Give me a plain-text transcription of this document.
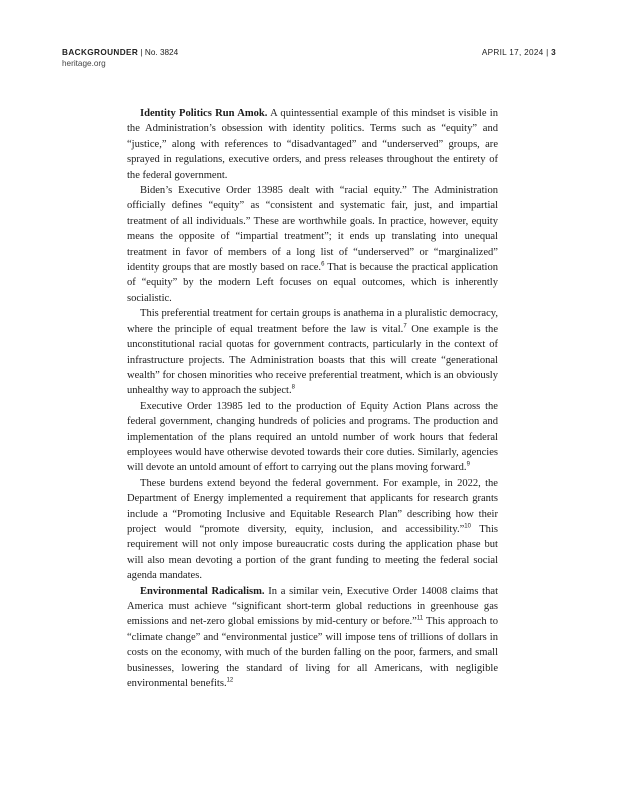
BACKGROUNDER | No. 3824
heritage.org
APRIL 17, 2024 | 3

Identity Politics Run Amok. A quintessential example of this mindset is visible in the Administration’s obsession with identity politics. Terms such as “equity” and “justice,” along with references to “disadvantaged” and “underserved” groups, are sprayed in regulations, executive orders, and press releases throughout the entirety of the federal government.

Biden’s Executive Order 13985 dealt with “racial equity.” The Administration officially defines “equity” as “consistent and systematic fair, just, and impartial treatment of all individuals.” These are worthwhile goals. In practice, however, equity means the opposite of “impartial treatment”; it ends up translating into unequal treatment in favor of members of a long list of “underserved” or “marginalized” identity groups that are mostly based on race.$^6$ That is because the practical application of “equity” by the modern Left focuses on equal outcomes, which is inherently socialistic.

This preferential treatment for certain groups is anathema in a pluralistic democracy, where the principle of equal treatment before the law is vital.$^7$ One example is the unconstitutional racial quotas for government contracts, particularly in the context of infrastructure projects. The Administration boasts that this will create “generational wealth” for chosen minorities who receive preferential treatment, which is an obviously unhealthy way to approach the subject.$^8$

Executive Order 13985 led to the production of Equity Action Plans across the federal government, changing hundreds of policies and programs. The production and implementation of the plans required an untold number of work hours that federal employees would have otherwise devoted towards their core duties. Similarly, agencies will devote an untold amount of effort to carrying out the plans moving forward.$^9$

These burdens extend beyond the federal government. For example, in 2022, the Department of Energy implemented a requirement that applicants for research grants include a “Promoting Inclusive and Equitable Research Plan” describing how their project would “promote diversity, equity, inclusion, and accessibility.”$^{10}$ This requirement will not only impose bureaucratic costs during the application phase but will also mean devoting a portion of the grant funding to meeting the federal social agenda mandates.

Environmental Radicalism. In a similar vein, Executive Order 14008 claims that America must achieve “significant short-term global reductions in greenhouse gas emissions and net-zero global emissions by mid-century or before.”$^{11}$ This approach to “climate change” and “environmental justice” will impose tens of trillions of dollars in costs on the economy, with much of the burden falling on the poor, farmers, and small businesses, lowering the standard of living for all Americans, with negligible environmental benefits.$^{12}$
